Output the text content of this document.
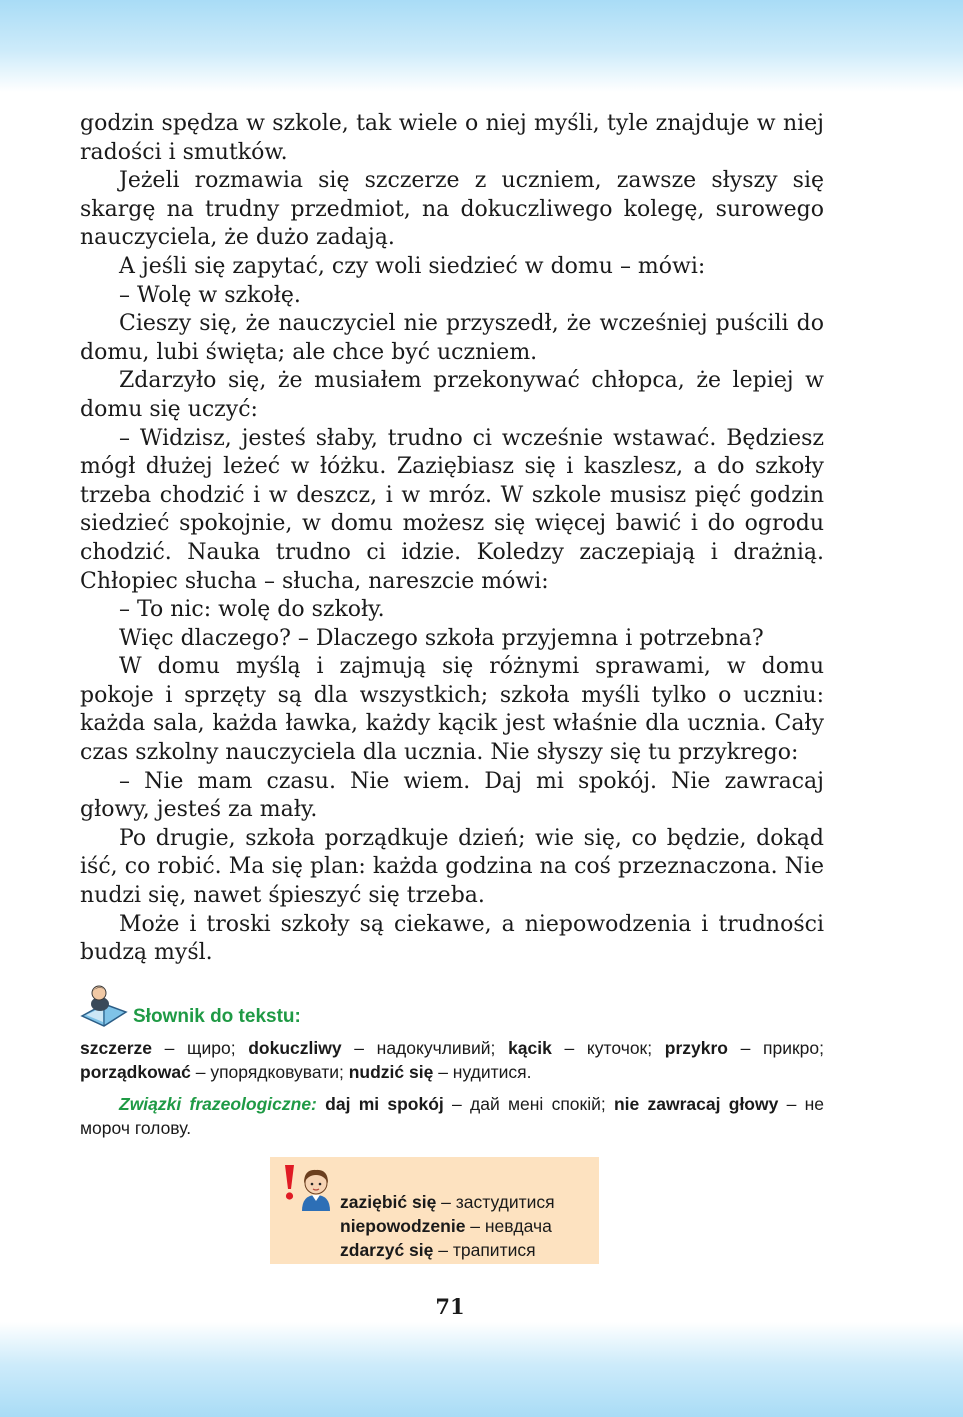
godzin spędza w szkole, tak wiele o niej myśli, tyle znajduje w niej radości i smutków.

Jeżeli rozmawia się szczerze z uczniem, zawsze słyszy się skargę na trudny przedmiot, na dokuczliwego kolegę, surowego nauczyciela, że dużo zadają.

A jeśli się zapytać, czy woli siedzieć w domu – mówi:

– Wolę w szkołę.

Cieszy się, że nauczyciel nie przyszedł, że wcześniej puścili do domu, lubi święta; ale chce być uczniem.

Zdarzyło się, że musiałem przekonywać chłopca, że lepiej w domu się uczyć:

– Widzisz, jesteś słaby, trudno ci wcześnie wstawać. Będziesz mógł dłużej leżeć w łóżku. Zaziębiasz się i kaszlesz, a do szkoły trzeba chodzić i w deszcz, i w mróz. W szkole musisz pięć godzin siedzieć spokojnie, w domu możesz się więcej bawić i do ogrodu chodzić. Nauka trudno ci idzie. Koledzy zaczepiają i drażnią. Chłopiec słucha – słucha, nareszcie mówi:

– To nic: wolę do szkoły.

Więc dlaczego? – Dlaczego szkoła przyjemna i potrzebna?

W domu myślą i zajmują się różnymi sprawami, w domu pokoje i sprzęty są dla wszystkich; szkoła myśli tylko o uczniu: każda sala, każda ławka, każdy kącik jest właśnie dla ucznia. Cały czas szkolny nauczyciela dla ucznia. Nie słyszy się tu przykrego:

– Nie mam czasu. Nie wiem. Daj mi spokój. Nie zawracaj głowy, jesteś za mały.

Po drugie, szkoła porządkuje dzień; wie się, co będzie, dokąd iść, co robić. Ma się plan: każda godzina na coś przeznaczona. Nie nudzi się, nawet śpieszyć się trzeba.

Może i troski szkoły są ciekawe, a niepowodzenia i trudności budzą myśl.

Słownik do tekstu:

szczerze – щиро; dokuczliwy – надокучливий; kącik – куточок; przykro – прикро; porządkować – упорядковувати; nudzić się – нудитися.

Związki frazeologiczne: daj mi spokój – дай мені спокій; nie zawracaj głowy – не мороч голову.

zaziębić się – застудитися
niepowodzenie – невдача
zdarzyć się – трапитися
71
